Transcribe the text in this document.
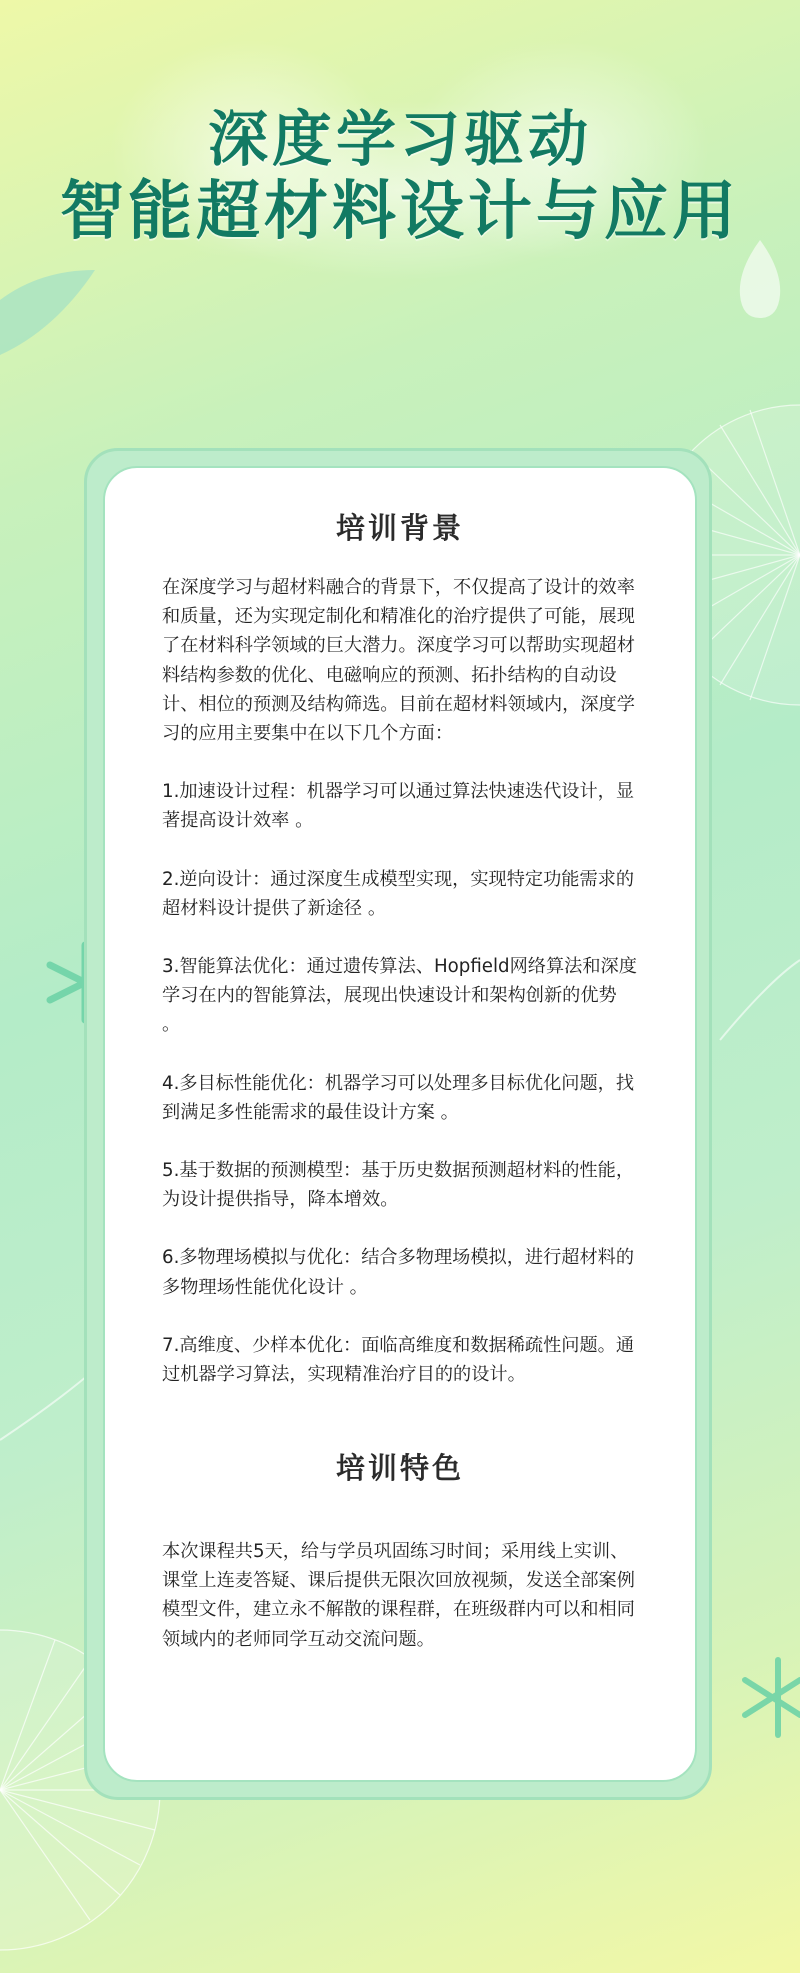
深度学习驱动
智能超材料设计与应用
培训背景

在深度学习与超材料融合的背景下，不仅提高了设计的效率和质量，还为实现定制化和精准化的治疗提供了可能，展现了在材料科学领域的巨大潜力。深度学习可以帮助实现超材料结构参数的优化、电磁响应的预测、拓扑结构的自动设计、相位的预测及结构筛选。目前在超材料领域内，深度学习的应用主要集中在以下几个方面：

1.加速设计过程：机器学习可以通过算法快速迭代设计，显著提高设计效率 。

2.逆向设计：通过深度生成模型实现，实现特定功能需求的超材料设计提供了新途径 。

3.智能算法优化：通过遗传算法、Hopfield网络算法和深度学习在内的智能算法，展现出快速设计和架构创新的优势 。

4.多目标性能优化：机器学习可以处理多目标优化问题，找到满足多性能需求的最佳设计方案 。

5.基于数据的预测模型：基于历史数据预测超材料的性能，为设计提供指导，降本增效。

6.多物理场模拟与优化：结合多物理场模拟，进行超材料的多物理场性能优化设计 。

7.高维度、少样本优化：面临高维度和数据稀疏性问题。通过机器学习算法，实现精准治疗目的的设计。

培训特色

本次课程共5天，给与学员巩固练习时间；采用线上实训、课堂上连麦答疑、课后提供无限次回放视频，发送全部案例模型文件，建立永不解散的课程群，在班级群内可以和相同领域内的老师同学互动交流问题。
